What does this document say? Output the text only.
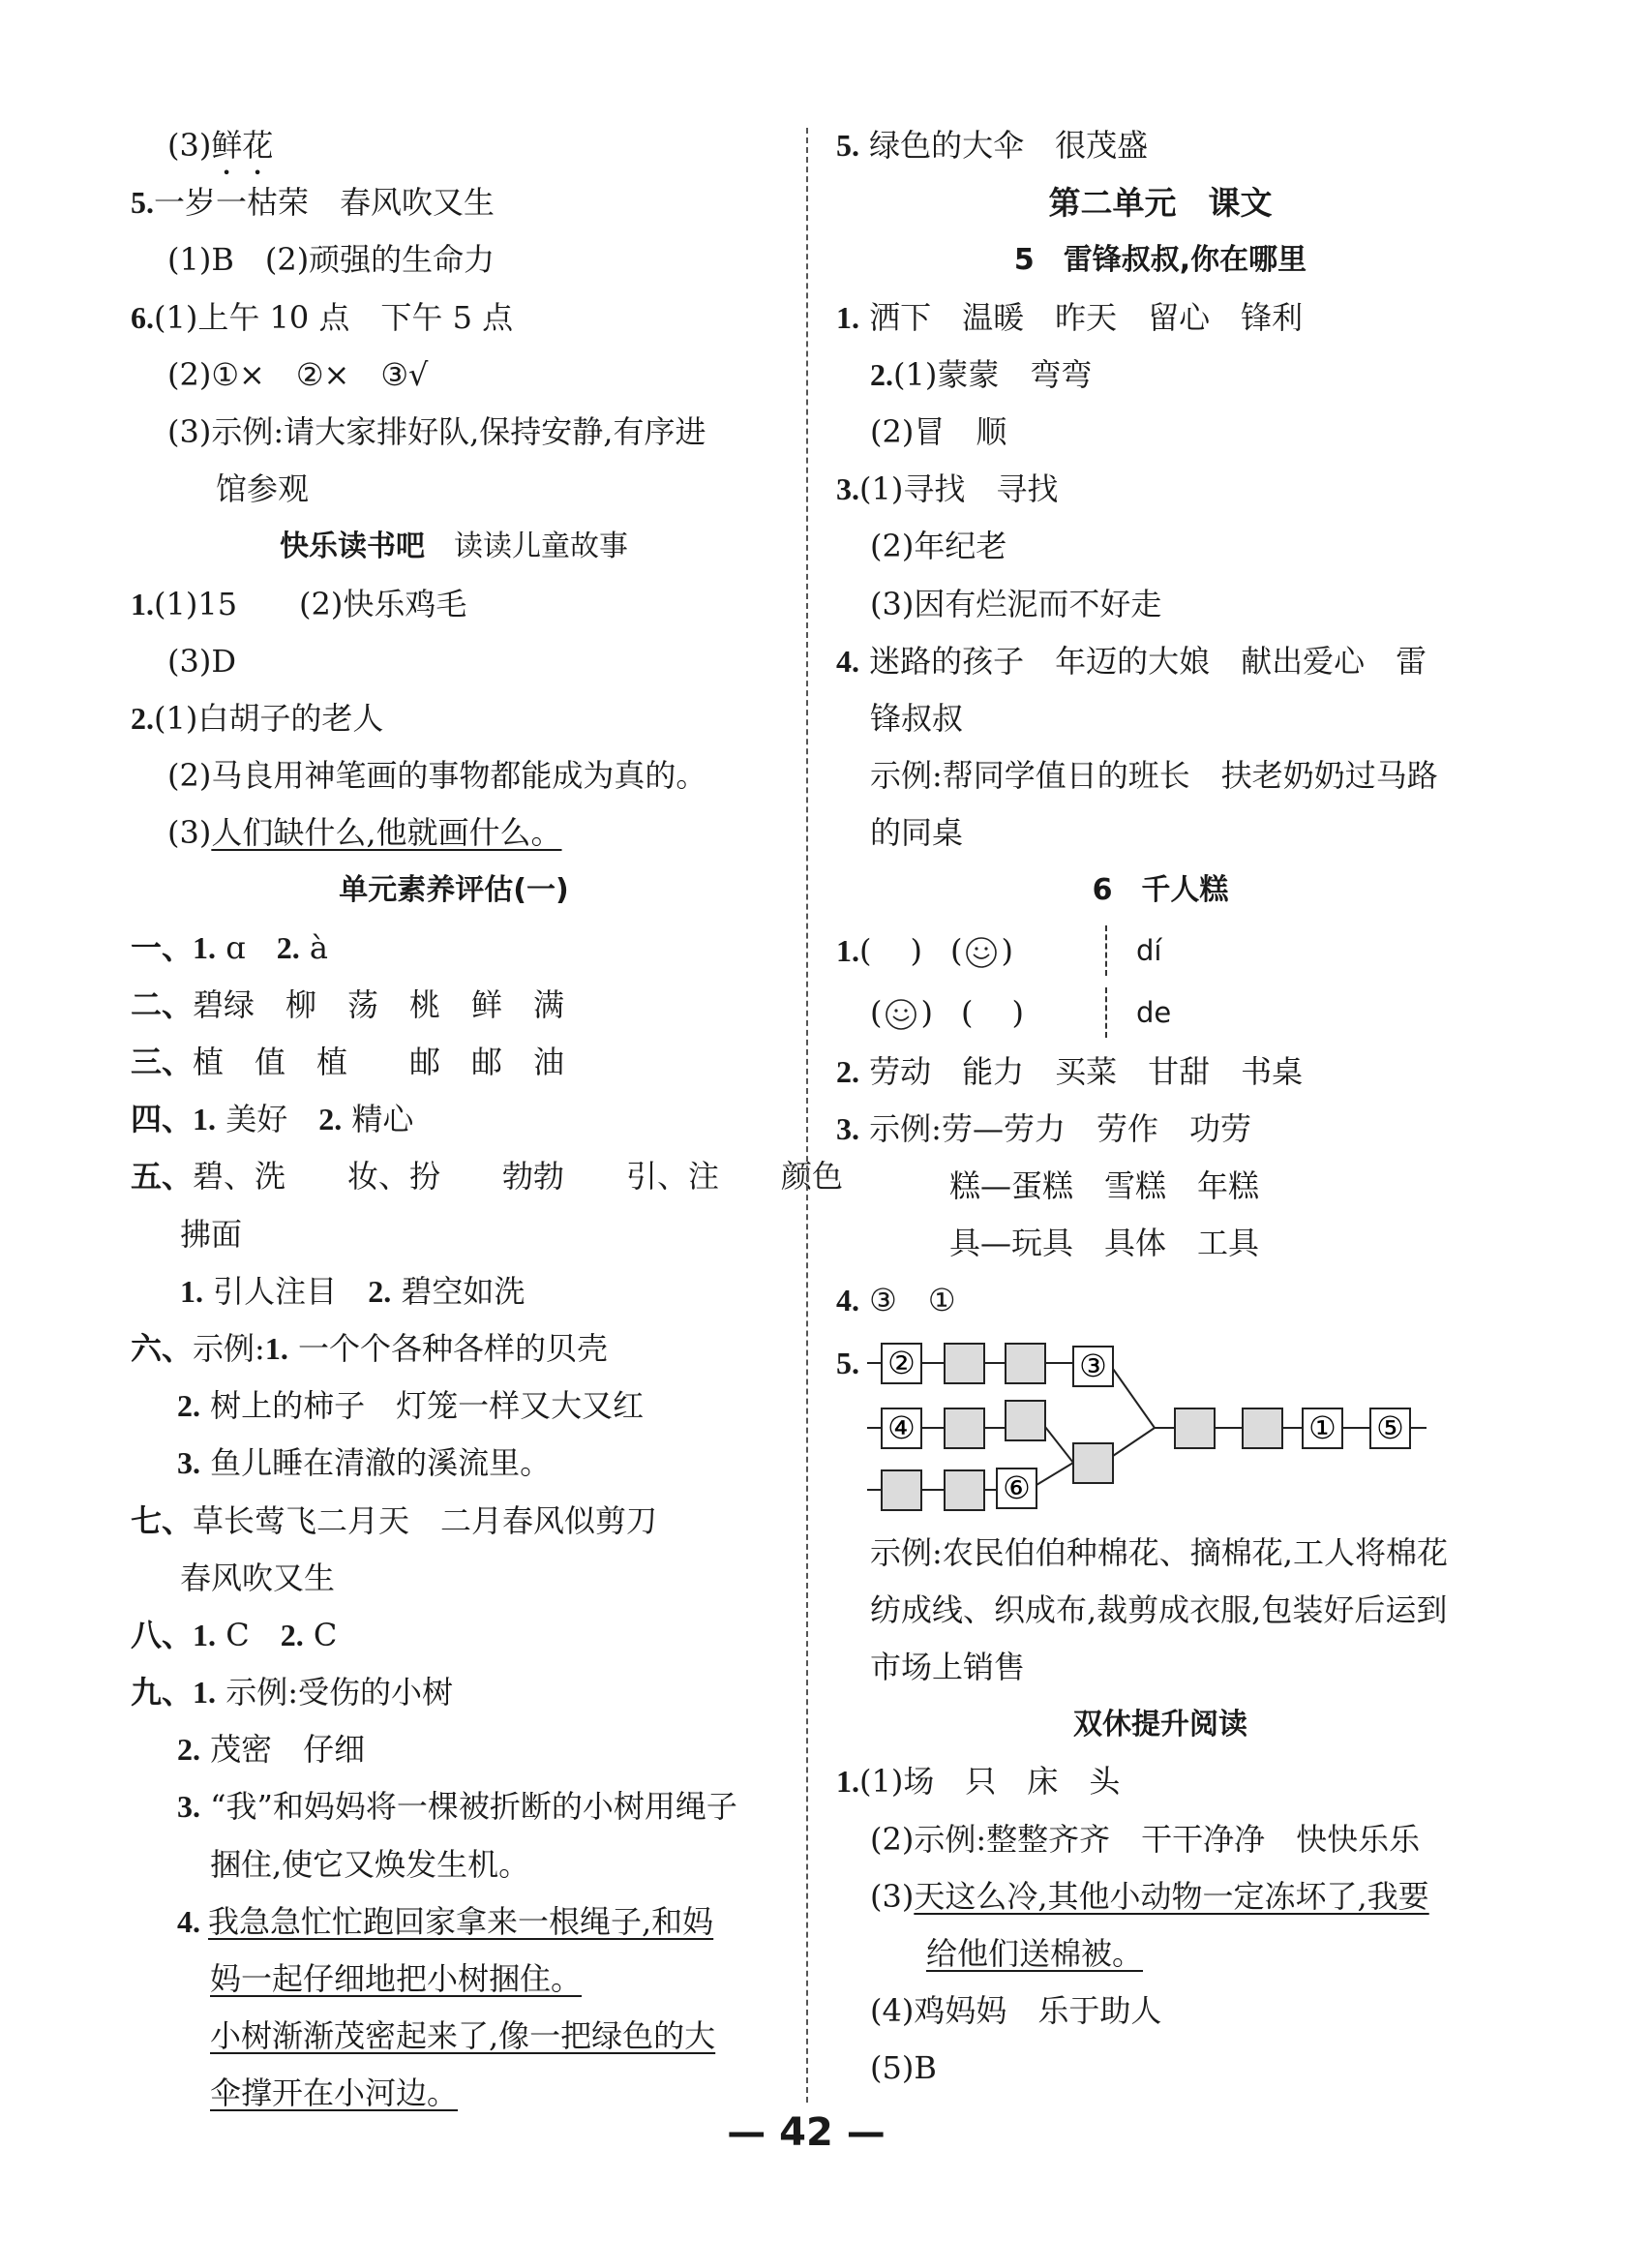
(3)鲜花
5.一岁一枯荣　春风吹又生
(1)B　(2)顽强的生命力
6.(1)上午 10 点　下午 5 点
(2)①×　②×　③√
(3)示例:请大家排好队,保持安静,有序进
馆参观
快乐读书吧　读读儿童故事
1.(1)15　　(2)快乐鸡毛
(3)D
2.(1)白胡子的老人
(2)马良用神笔画的事物都能成为真的。
(3)人们缺什么,他就画什么。
单元素养评估(一)
一、1. ɑ　2. à
二、碧绿　柳　荡　桃　鲜　满
三、植　值　植　　邮　邮　油
四、1. 美好　2. 精心
五、碧、洗　　妆、扮　　勃勃　　引、注　　颜色
拂面
1. 引人注目　2. 碧空如洗
六、示例:1. 一个个各种各样的贝壳
2. 树上的柿子　灯笼一样又大又红
3. 鱼儿睡在清澈的溪流里。
七、草长莺飞二月天　二月春风似剪刀
春风吹又生
八、1. C　2. C
九、1. 示例:受伤的小树
2. 茂密　仔细
3. “我”和妈妈将一棵被折断的小树用绳子
捆住,使它又焕发生机。
4. 我急急忙忙跑回家拿来一根绳子,和妈
妈一起仔细地把小树捆住。
小树渐渐茂密起来了,像一把绿色的大
伞撑开在小河边。
5. 绿色的大伞　很茂盛
第二单元　课文
5　雷锋叔叔,你在哪里
1. 洒下　温暖　昨天　留心　锋利
2.(1)蒙蒙　弯弯
(2)冒　顺
3.(1)寻找　寻找
(2)年纪老
(3)因有烂泥而不好走
4. 迷路的孩子　年迈的大娘　献出爱心　雷
锋叔叔
示例:帮同学值日的班长　扶老奶奶过马路
的同桌
6　千人糕
1.( ) ( )	dí
( ) ( )	de
2. 劳动　能力　买菜　甘甜　书桌
3. 示例:劳—劳力　劳作　功劳
糕—蛋糕　雪糕　年糕
具—玩具　具体　工具
4. ③　①
5. ②	③
④
⑥
① ⑤
示例:农民伯伯种棉花、摘棉花,工人将棉花
纺成线、织成布,裁剪成衣服,包装好后运到
市场上销售
双休提升阅读
1.(1)场　只　床　头
(2)示例:整整齐齐　干干净净　快快乐乐
(3)天这么冷,其他小动物一定冻坏了,我要
给他们送棉被。
(4)鸡妈妈　乐于助人
(5)B
— 42 —
